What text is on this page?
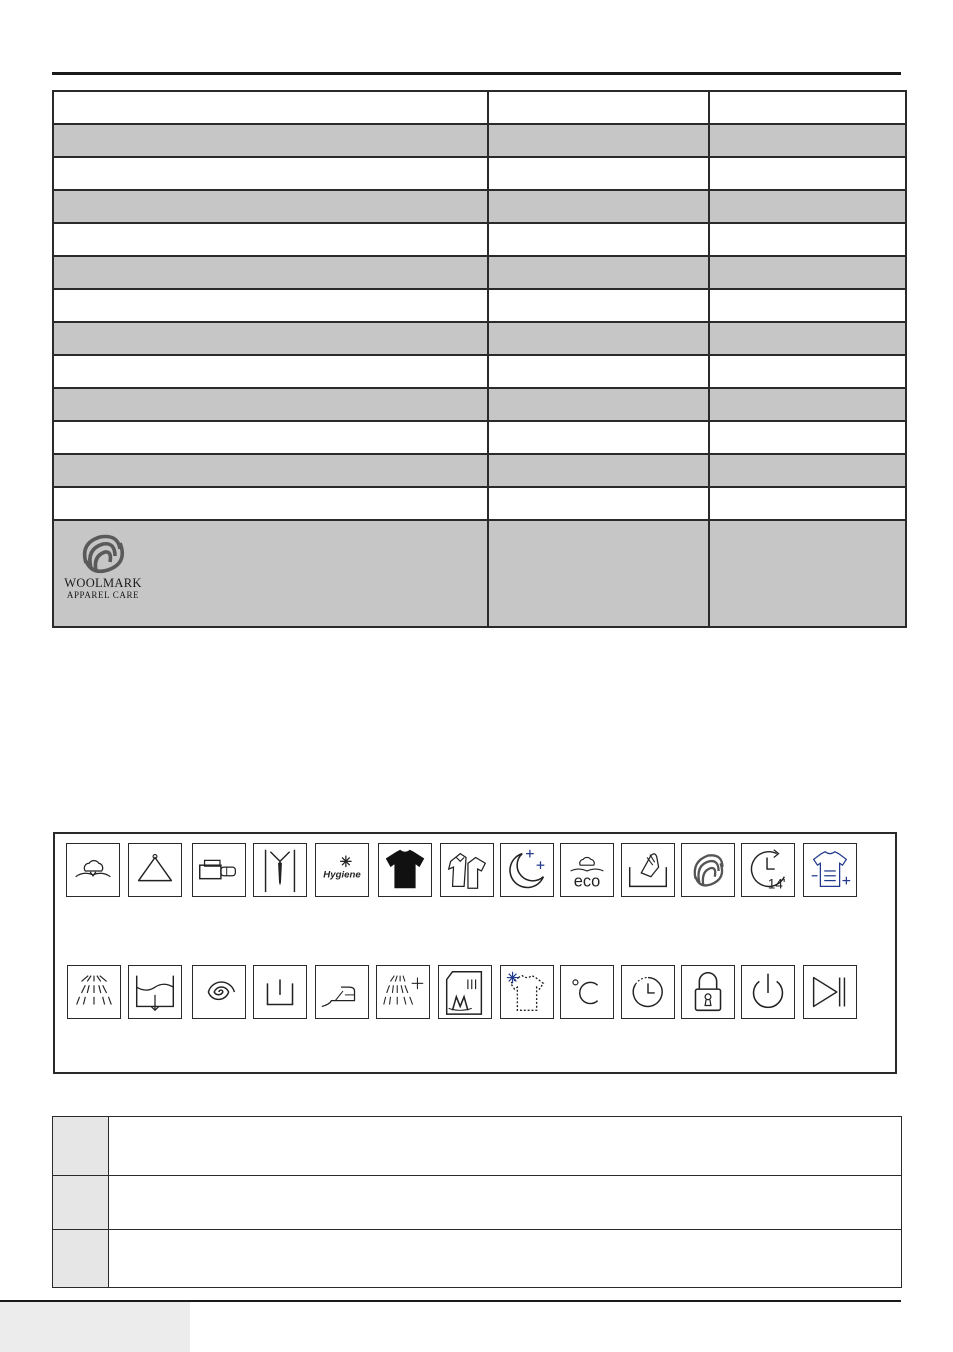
WOOLMARK
APPAREL CARE		

Hygiene	eco	14'
